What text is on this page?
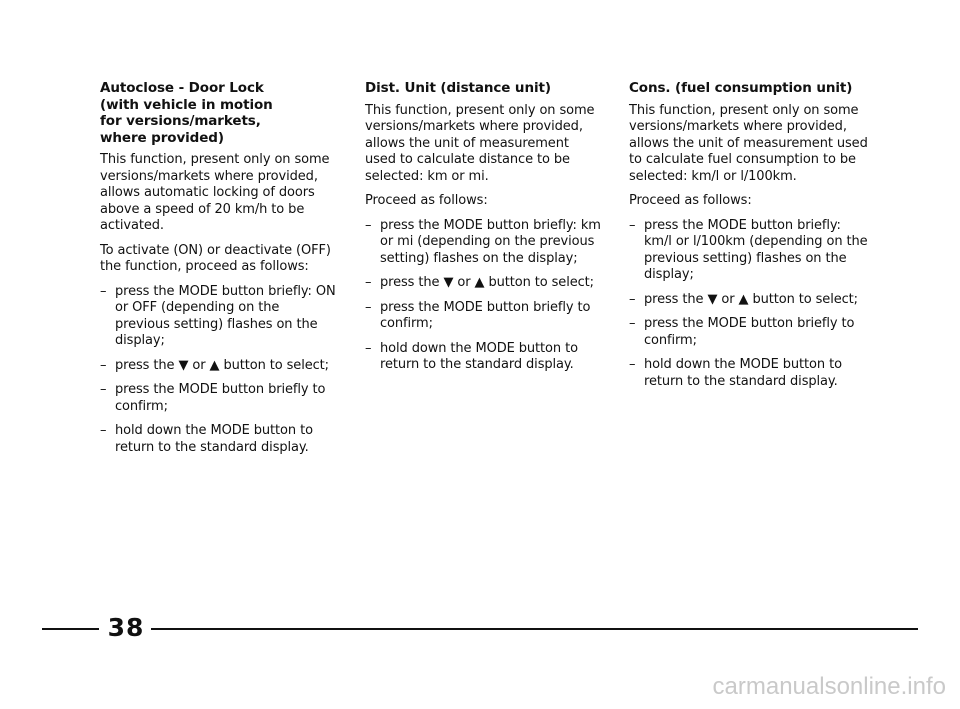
Autoclose - Door Lock
(with vehicle in motion
for versions/markets,
where provided)

This function, present only on some versions/markets where provided, allows automatic locking of doors above a speed of 20 km/h to be activated.

To activate (ON) or deactivate (OFF) the function, proceed as follows:

– press the MODE button briefly: ON or OFF (depending on the previous setting) flashes on the display;
– press the ▼ or ▲ button to select;
– press the MODE button briefly to confirm;
– hold down the MODE button to return to the standard display.
Dist. Unit (distance unit)

This function, present only on some versions/markets where provided, allows the unit of measurement used to calculate distance to be selected: km or mi.

Proceed as follows:

– press the MODE button briefly: km or mi (depending on the previous setting) flashes on the display;
– press the ▼ or ▲ button to select;
– press the MODE button briefly to confirm;
– hold down the MODE button to return to the standard display.
Cons. (fuel consumption unit)

This function, present only on some versions/markets where provided, allows the unit of measurement used to calculate fuel consumption to be selected: km/l or l/100km.

Proceed as follows:

– press the MODE button briefly: km/l or l/100km (depending on the previous setting) flashes on the display;
– press the ▼ or ▲ button to select;
– press the MODE button briefly to confirm;
– hold down the MODE button to return to the standard display.
38
carmanualsonline.info
